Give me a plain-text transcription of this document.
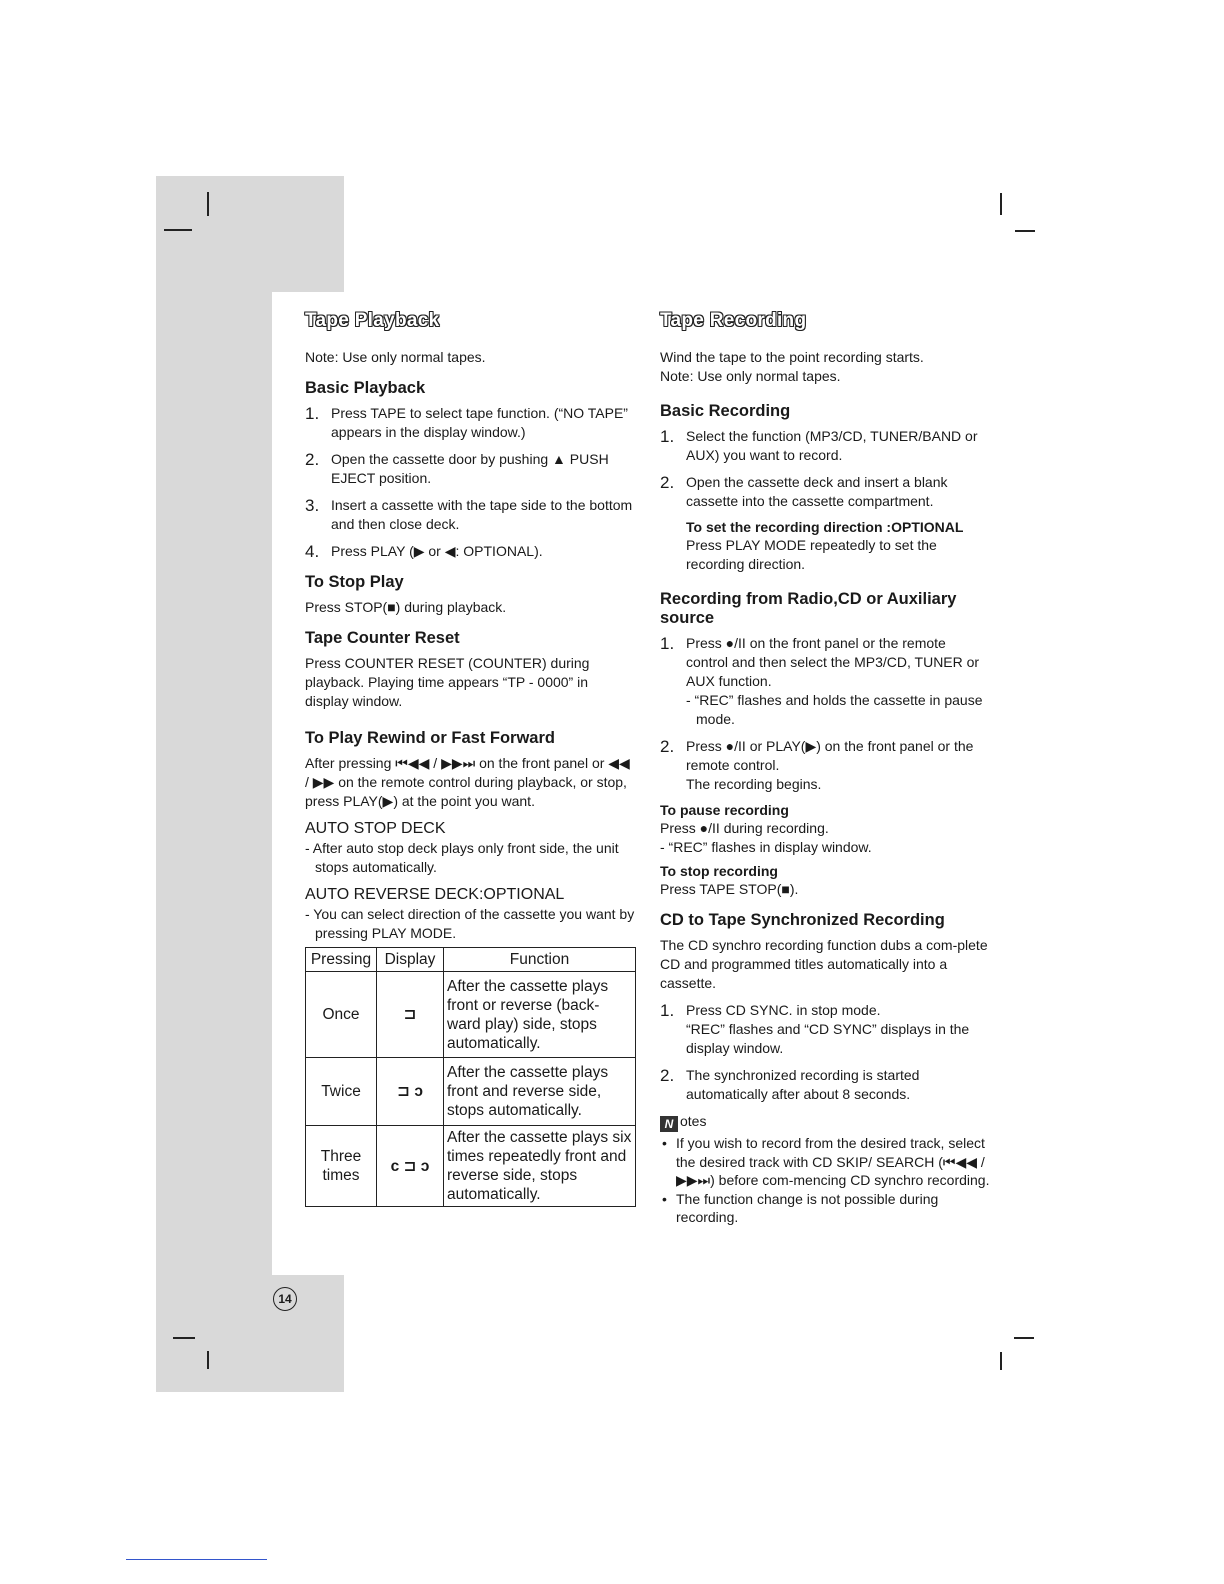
Tape Playback

Note: Use only normal tapes.

Basic Playback
1. Press TAPE to select tape function. (“NO TAPE” appears in the display window.)
2. Open the cassette door by pushing ▲ PUSH EJECT position.
3. Insert a cassette with the tape side to the bottom and then close deck.
4. Press PLAY (▶ or ◀: OPTIONAL).
To Stop Play

Press STOP(■) during playback.

Tape Counter Reset

Press COUNTER RESET (COUNTER) during playback. Playing time appears “TP - 0000” in display window.

To Play Rewind or Fast Forward

After pressing ⏮◀◀ / ▶▶⏭ on the front panel or ◀◀ / ▶▶ on the remote control during playback, or stop, press PLAY(▶) at the point you want.

AUTO STOP DECK

- After auto stop deck plays only front side, the unit stops automatically.

AUTO REVERSE DECK:OPTIONAL

- You can select direction of the cassette you want by pressing PLAY MODE.

Pressing	Display	Function
Once	⊐	After the cassette plays front or reverse (back-ward play) side, stops automatically.
Twice	⊐ ↄ	After the cassette plays front and reverse side, stops automatically.
Three times	c ⊐ ↄ	After the cassette plays six times repeatedly front and reverse side, stops automatically.
Tape Recording

Wind the tape to the point recording starts.

Note: Use only normal tapes.

Basic Recording
1. Select the function (MP3/CD, TUNER/BAND or AUX) you want to record.
2. Open the cassette deck and insert a blank cassette into the cassette compartment.
To set the recording direction :OPTIONAL

Press PLAY MODE repeatedly to set the recording direction.

Recording from Radio,CD or Auxiliary source
1. Press ●/II on the front panel or the remote control and then select the MP3/CD, TUNER or AUX function.

- “REC” flashes and holds the cassette in pause mode.
2. Press ●/II or PLAY(▶) on the front panel or the remote control.
The recording begins.
To pause recording

Press ●/II during recording.

- “REC” flashes in display window.

To stop recording

Press TAPE STOP(■).

CD to Tape Synchronized Recording

The CD synchro recording function dubs a com-plete CD and programmed titles automatically into a cassette.

1. Press CD SYNC. in stop mode.
“REC” flashes and “CD SYNC” displays in the display window.
2. The synchronized recording is started automatically after about 8 seconds.
N otes
• If you wish to record from the desired track, select the desired track with CD SKIP/ SEARCH (⏮◀◀ / ▶▶⏭) before com-mencing CD synchro recording.
• The function change is not possible during recording.
14
